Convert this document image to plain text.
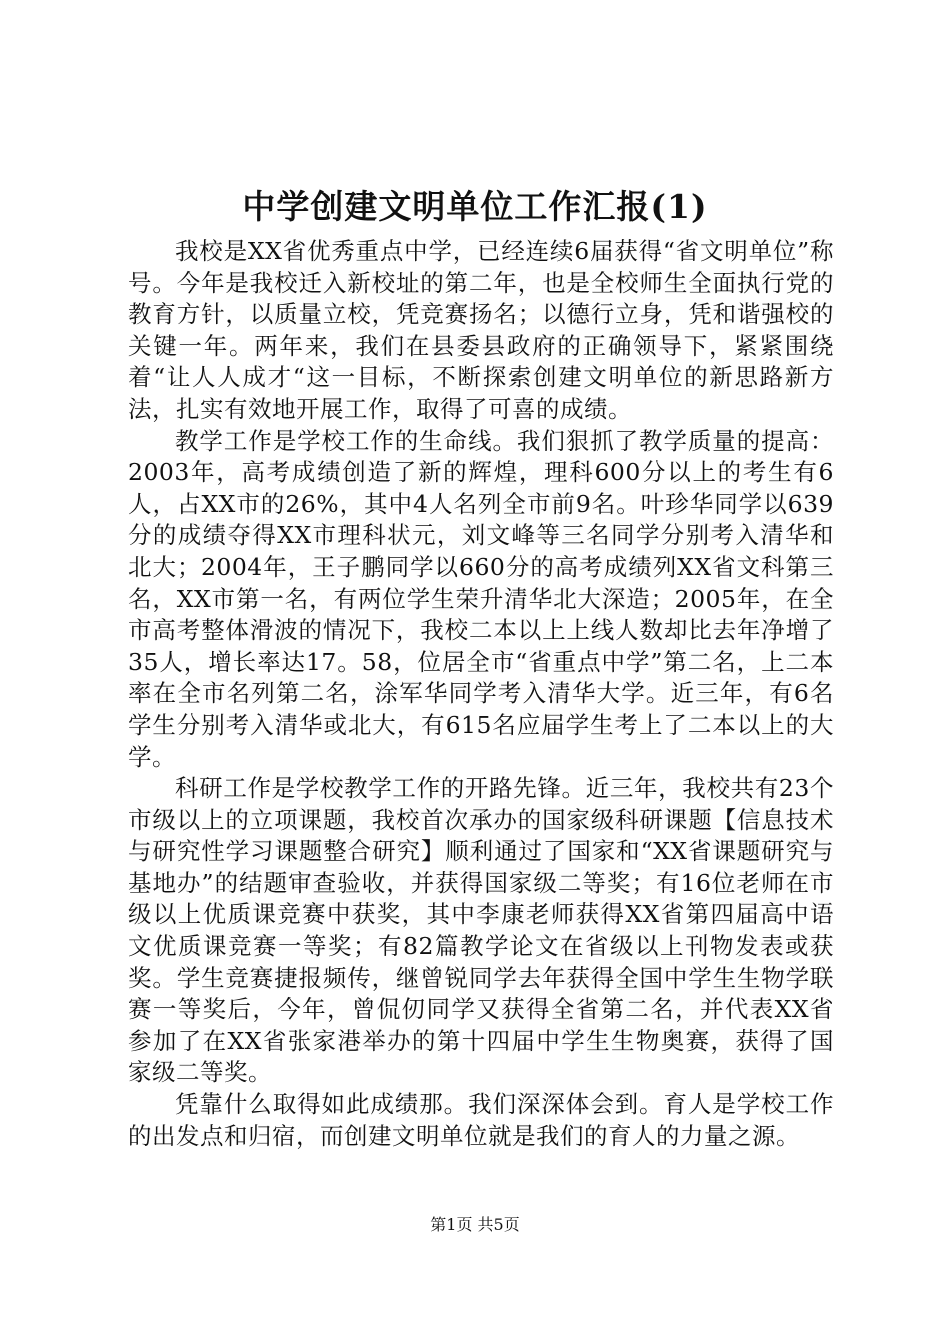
中学创建文明单位工作汇报(1)

我校是XX省优秀重点中学，已经连续6届获得“省文明单位”称号。今年是我校迁入新校址的第二年，也是全校师生全面执行党的教育方针，以质量立校，凭竞赛扬名；以德行立身，凭和谐强校的关键一年。两年来，我们在县委县政府的正确领导下，紧紧围绕着“让人人成才“这一目标，不断探索创建文明单位的新思路新方法，扎实有效地开展工作，取得了可喜的成绩。

教学工作是学校工作的生命线。我们狠抓了教学质量的提高：2003年，高考成绩创造了新的辉煌，理科600分以上的考生有6人，占XX市的26%，其中4人名列全市前9名。叶珍华同学以639分的成绩夺得XX市理科状元，刘文峰等三名同学分别考入清华和北大；2004年，王子鹏同学以660分的高考成绩列XX省文科第三名，XX市第一名，有两位学生荣升清华北大深造；2005年，在全市高考整体滑波的情况下，我校二本以上上线人数却比去年净增了35人，增长率达17。58，位居全市“省重点中学”第二名，上二本率在全市名列第二名，涂军华同学考入清华大学。近三年，有6名学生分别考入清华或北大，有615名应届学生考上了二本以上的大学。

科研工作是学校教学工作的开路先锋。近三年，我校共有23个市级以上的立项课题，我校首次承办的国家级科研课题【信息技术与研究性学习课题整合研究】顺利通过了国家和“XX省课题研究与基地办”的结题审查验收，并获得国家级二等奖；有16位老师在市级以上优质课竞赛中获奖，其中李康老师获得XX省第四届高中语文优质课竞赛一等奖；有82篇教学论文在省级以上刊物发表或获奖。学生竞赛捷报频传，继曾锐同学去年获得全国中学生生物学联赛一等奖后，今年，曾侃仞同学又获得全省第二名，并代表XX省参加了在XX省张家港举办的第十四届中学生生物奥赛，获得了国家级二等奖。

凭靠什么取得如此成绩那。我们深深体会到。育人是学校工作的出发点和归宿，而创建文明单位就是我们的育人的力量之源。

第1页 共5页
